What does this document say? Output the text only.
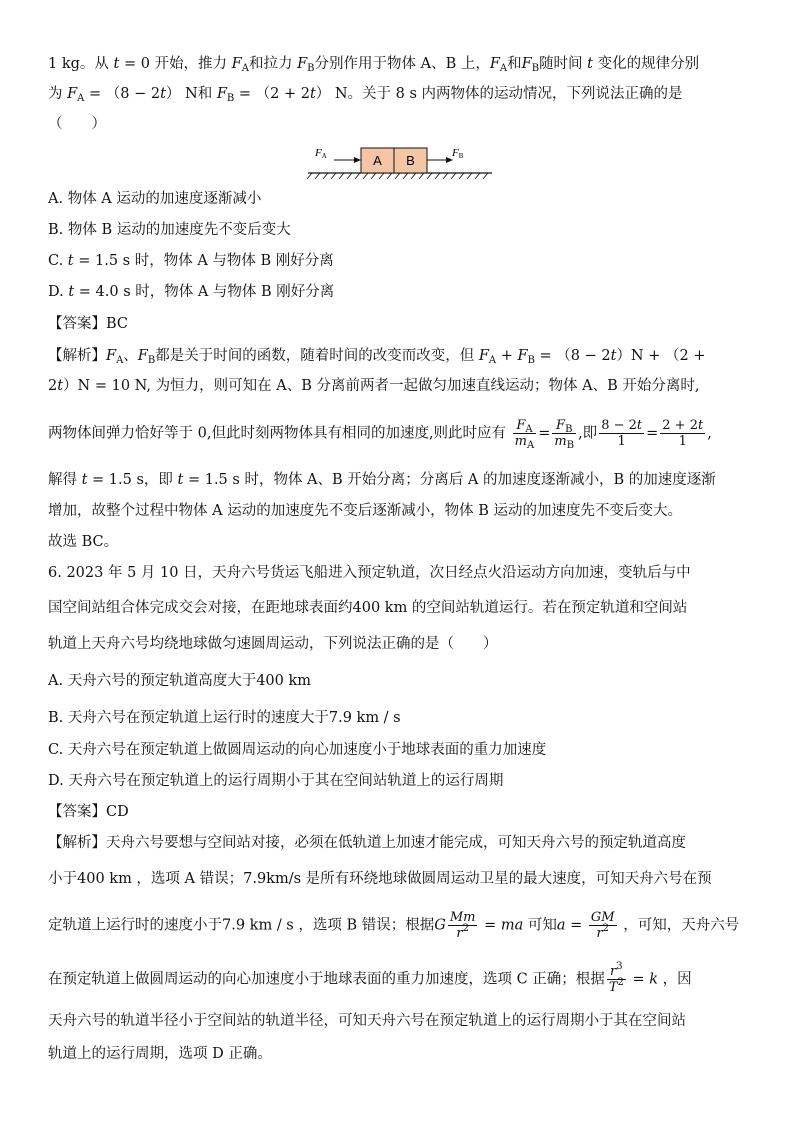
1 kg。从 t = 0 开始，推力 $F_A$和拉力 $F_B$分别作用于物体 A、B 上，$F_A$和$F_B$随时间 t 变化的规律分别
为 $F_A = (8 - 2t)$ N和 $F_B = (2 + 2t)$ N。关于 8 s 内两物体的运动情况，下列说法正确的是
（　　）
A B
FA	FB
A. 物体 A 运动的加速度逐渐减小
B. 物体 B 运动的加速度先不变后变大
C. t = 1.5 s 时，物体 A 与物体 B 刚好分离
D. t = 4.0 s 时，物体 A 与物体 B 刚好分离
【答案】BC
【解析】$F_A$、$F_B$都是关于时间的函数，随着时间的改变而改变，但 $F_A + F_B = (8 - 2t)N + (2$ +
2t）N = 10 N, 为恒力，则可知在 A、B 分离前两者一起做匀加速直线运动；物体 A、B 开始分离时,
两物体间弹力恰好等于 0,但此时刻两物体具有相同的加速度,则此时应有 $\frac{F_A}{m_A} = \frac{F_B}{m_B}$ ,即 $\frac{8 - 2t}{1} = \frac{2 + 2t}{1}$ ,
解得 t = 1.5 s，即 t = 1.5 s 时，物体 A、B 开始分离；分离后 A 的加速度逐渐减小，B 的加速度逐渐
增加，故整个过程中物体 A 运动的加速度先不变后逐渐减小，物体 B 运动的加速度先不变后变大。
故选 BC。
6. 2023 年 5 月 10 日，天舟六号货运飞船进入预定轨道，次日经点火沿运动方向加速，变轨后与中
国空间站组合体完成交会对接，在距地球表面约400 km 的空间站轨道运行。若在预定轨道和空间站
轨道上天舟六号均绕地球做匀速圆周运动，下列说法正确的是（　　）
A. 天舟六号的预定轨道高度大于400 km
B. 天舟六号在预定轨道上运行时的速度大于7.9 km / s
C. 天舟六号在预定轨道上做圆周运动的向心加速度小于地球表面的重力加速度
D. 天舟六号在预定轨道上的运行周期小于其在空间站轨道上的运行周期
【答案】CD
【解析】天舟六号要想与空间站对接，必须在低轨道上加速才能完成，可知天舟六号的预定轨道高度
小于400 km ，选项 A 错误；7.9km/s 是所有环绕地球做圆周运动卫星的最大速度，可知天舟六号在预
定轨道上运行时的速度小于7.9 km / s ，选项 B 错误；根据G $\frac{Mm}{r^2}$ = ma 可知$a = \frac{GM}{r^2}$ ，可知，天舟六号
在预定轨道上做圆周运动的向心加速度小于地球表面的重力加速度，选项 C 正确；根据 $\frac{r^3}{T^2} = k$ ，因
天舟六号的轨道半径小于空间站的轨道半径，可知天舟六号在预定轨道上的运行周期小于其在空间站
轨道上的运行周期，选项 D 正确。
